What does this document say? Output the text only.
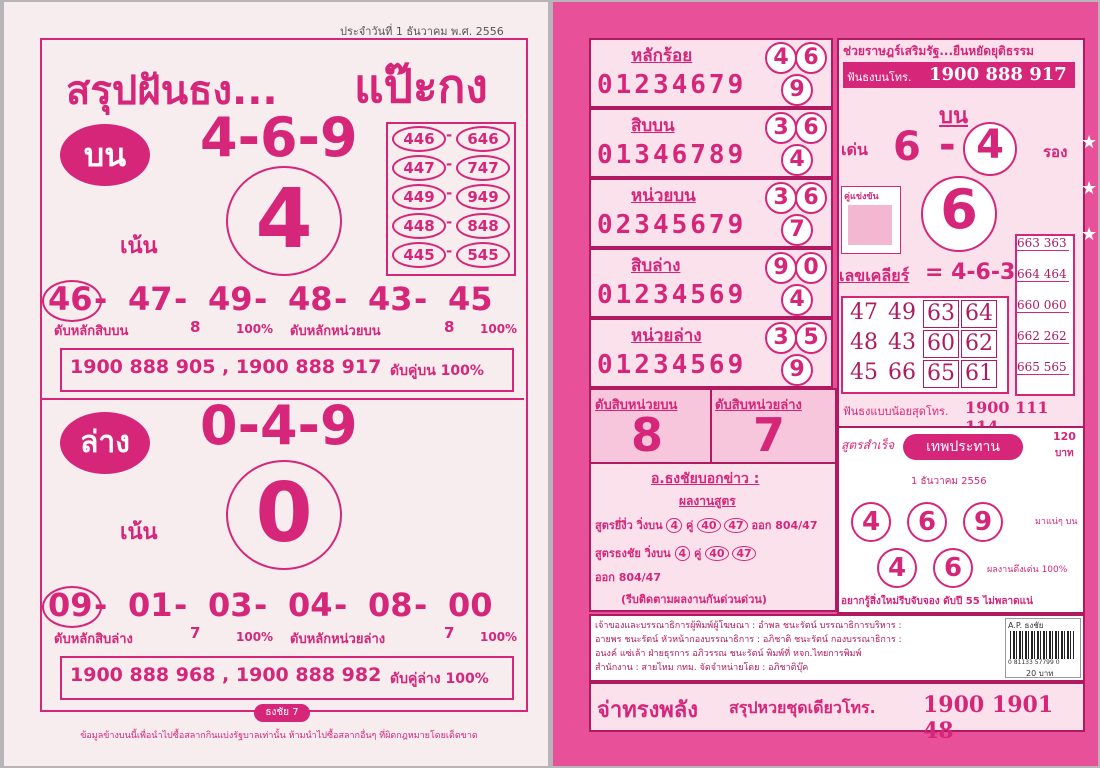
ประจำวันที่ 1 ธันวาคม พ.ศ. 2556
สรุปฝันธง... แป๊ะกง
บน	4-6-9
4
เน้น
446 -	646
447 -	747
449 -	949
448 -	848
445 -	545
46 - 47 - 49 - 48 - 43 - 45
ดับหลักสิบบน	8	100% ดับหลักหน่วยบน	8 100%
1900 888 905 , 1900 888 917 ดับคู่บน 100%
ล่าง	0-4-9
0
เน้น
09 - 01 - 03 - 04 - 08 - 00
ดับหลักสิบล่าง	7	100% ดับหลักหน่วยล่าง	7 100%
1900 888 968 , 1900 888 982 ดับคู่ล่าง 100%
ธงชัย 7
ข้อมูลข้างบนนี้เพื่อนำไปซื้อสลากกินแบ่งรัฐบาลเท่านั้น ห้ามนำไปซื้อสลากอื่นๆ ที่ผิดกฎหมายโดยเด็ดขาด
หลักร้อย
01234679
4 6
9
สิบบน
01346789
3 6
4
หน่วยบน
02345679
3 6
7
สิบล่าง
01234569
9 0
4
หน่วยล่าง
01234569
3 5
9
ดับสิบหน่วยบน
8
ดับสิบหน่วยล่าง
7
อ.ธงชัยบอกข่าว :
ผลงานสูตร
สูตรยี่งี่ว วิ่งบน 4 คู่ 40 47 ออก 804/47
สูตรธงชัย วิ่งบน 4 คู่ 40 47
ออก 804/47
(รีบติดตามผลงานกันด่วนด่วน)
ช่วยราษฎร์เสริมรัฐ...ยืนหยัดยุติธรรม
ฟันธงบนโทร. 1900 888 917
บน
เด่น 6 - 4	รอง
6
คู่แข่งขัน
เลขเคลียร์ = 4-6-3
47 49 63 64
48 43 60 62
45 66 65 61
663 363
664 464
660 060
662 262
665 565
ฟันธงแบบน้อยสุดโทร. 1900 111
สูตรสำเร็จ	เทพประทาน
120
บาท
1 ธันวาคม 2556
4	6	9	มาแน่ๆ บน
4	6	ผลงานดึงเด่น 100%
อยากรู้สิ่งใหม่รีบจับจอง ดับปี 55 ไม่พลาดแน่
เจ้าของและบรรณาธิการผู้พิมพ์ผู้โฆษณา : อำพล ชนะรัตน์ บรรณาธิการบริหาร :
อายพร ชนะรัตน์ หัวหน้ากองบรรณาธิการ : อภิชาติ ชนะรัตน์ กองบรรณาธิการ :
อนงค์ แซ่เล้า ฝ่ายธุรการ อภิวรรณ ชนะรัตน์ พิมพ์ที่ หจก.ไทยการพิมพ์
สำนักงาน : สายไหม กทม. จัดจำหน่ายโดย : อภิชาติบุ๊ค
A.P. ธงชัย
0 81133 57799 0
20 บาท
จ่าทรงพลัง สรุปหวยชุดเดียวโทร. 1900 1901 48
★
★
★
